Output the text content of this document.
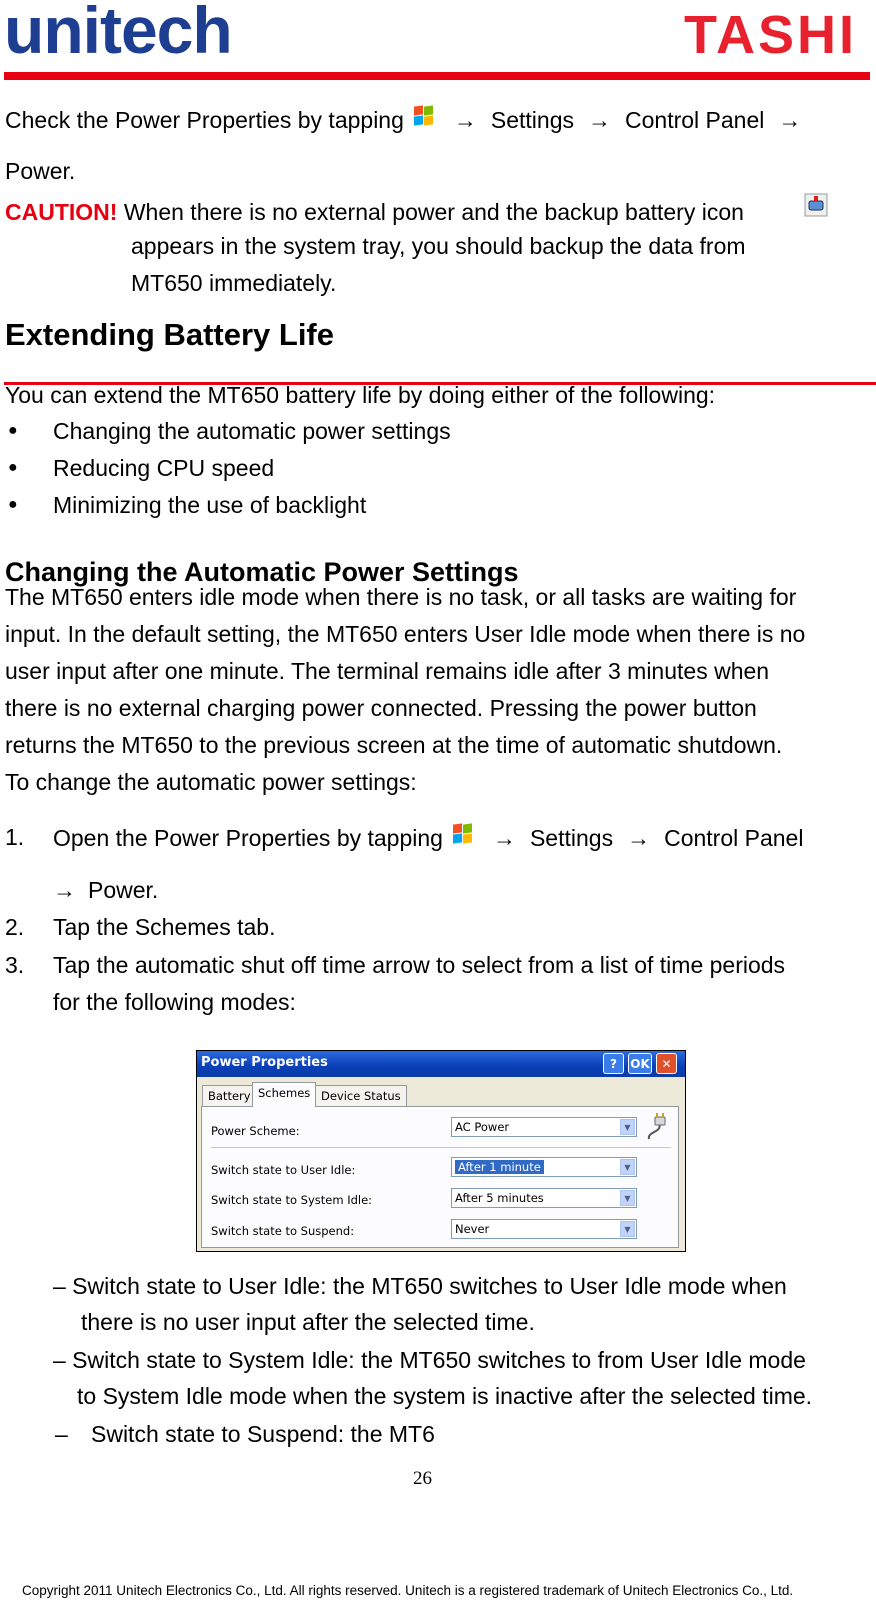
unitech	TASHI
Check the Power Properties by tapping → Settings → Control Panel →
Power.
CAUTION! When there is no external power and the backup battery icon
appears in the system tray, you should backup the data from
MT650 immediately.
Extending Battery Life
You can extend the MT650 battery life by doing either of the following:
● Changing the automatic power settings
● Reducing CPU speed
● Minimizing the use of backlight
Changing the Automatic Power Settings
The MT650 enters idle mode when there is no task, or all tasks are waiting for
input. In the default setting, the MT650 enters User Idle mode when there is no
user input after one minute. The terminal remains idle after 3 minutes when
there is no external charging power connected. Pressing the power button
returns the MT650 to the previous screen at the time of automatic shutdown.
To change the automatic power settings:
1. Open the Power Properties by tapping → Settings → Control Panel
→ Power.
2. Tap the Schemes tab.
3. Tap the automatic shut off time arrow to select from a list of time periods
for the following modes:
Power Properties	?	OK ✕
Battery
Power Scheme:	AC Power	▼
Switch state to User Idle:	After 1 minute	▼
Switch state to System Idle:	After 5 minutes	▼
Switch state to Suspend:	Never	▼
Schemes Device Status
– Switch state to User Idle: the MT650 switches to User Idle mode when
there is no user input after the selected time.
– Switch state to System Idle: the MT650 switches to from User Idle mode
to System Idle mode when the system is inactive after the selected time.
– Switch state to Suspend: the MT6
26
Copyright 2011 Unitech Electronics Co., Ltd. All rights reserved. Unitech is a registered trademark of Unitech Electronics Co., Ltd.
